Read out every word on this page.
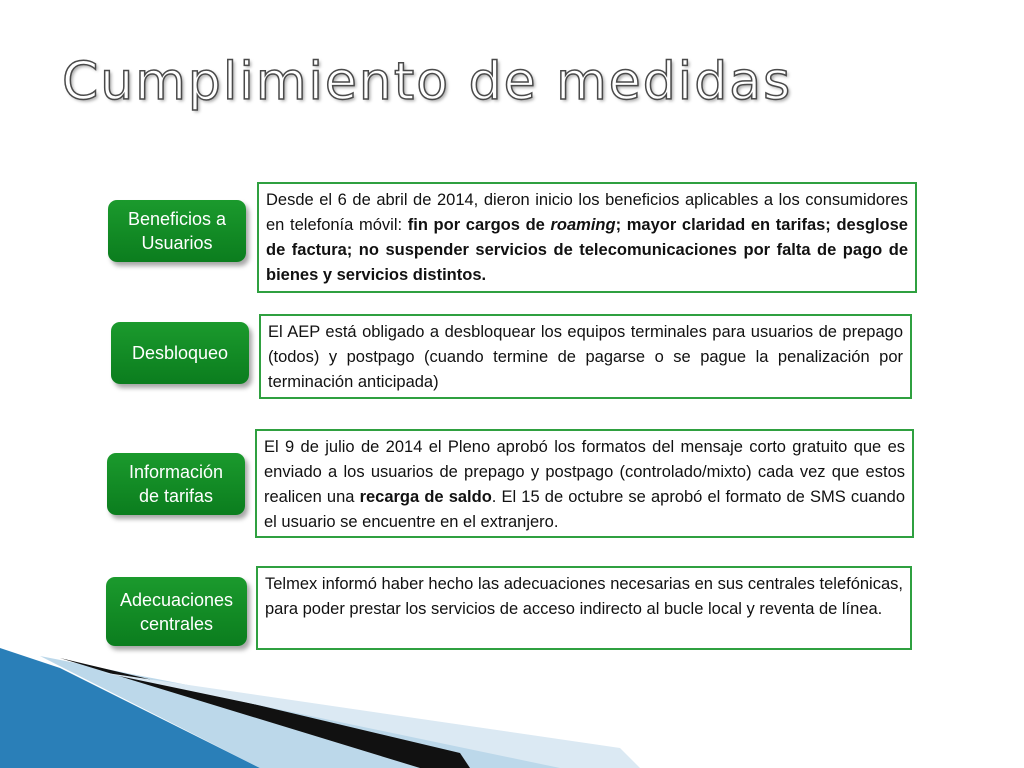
Cumplimiento de medidas
Beneficios a
Usuarios
Desde el 6 de abril de 2014, dieron inicio los beneficios aplicables a los consumidores en telefonía móvil: fin por cargos de roaming; mayor claridad en tarifas; desglose de factura; no suspender servicios de telecomunicaciones por falta de pago de bienes y servicios distintos.
Desbloqueo
El AEP está obligado a desbloquear los equipos terminales para usuarios de prepago (todos) y postpago (cuando termine de pagarse o se pague la penalización por terminación anticipada)
Información
de tarifas
El 9 de julio de 2014 el Pleno aprobó los formatos del mensaje corto gratuito que es enviado a los usuarios de prepago y postpago (controlado/mixto) cada vez que estos realicen una recarga de saldo. El 15 de octubre se aprobó el formato de SMS cuando el usuario se encuentre en el extranjero.
Adecuaciones
centrales
Telmex informó haber hecho las adecuaciones necesarias en sus centrales telefónicas, para poder prestar los servicios de acceso indirecto al bucle local y reventa de línea.
